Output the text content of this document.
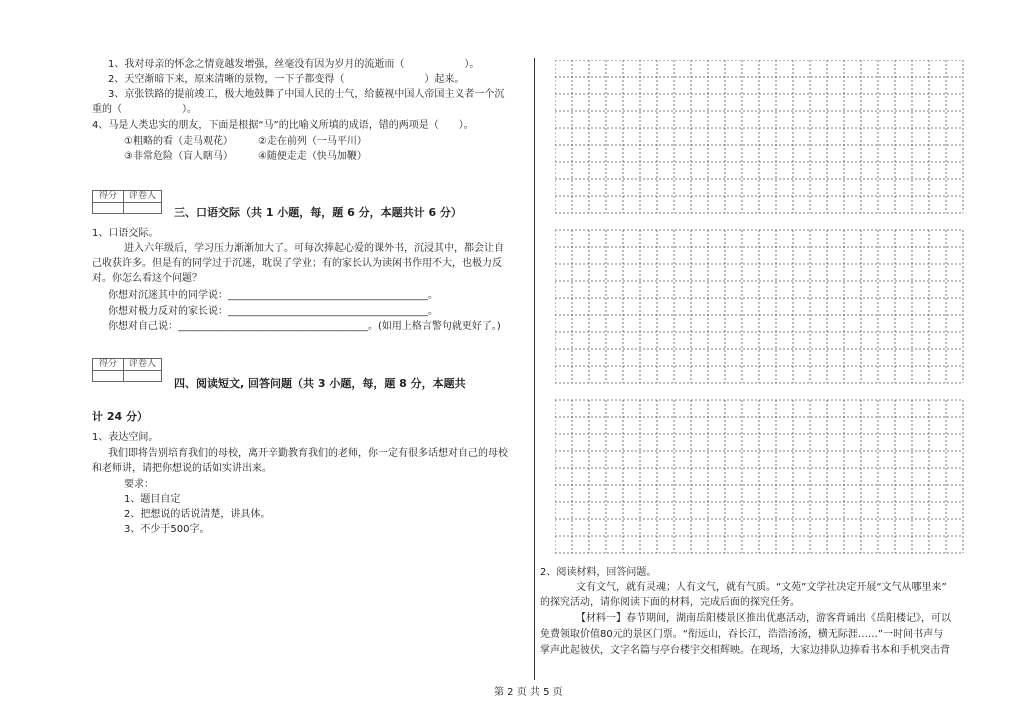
1、我对母亲的怀念之情竟越发增强，丝毫没有因为岁月的流逝而（　　　　　　）。
2、天空渐暗下来，原来清晰的景物，一下子都变得（　　　　　　　　）起来。
3、京张铁路的提前竣工，极大地鼓舞了中国人民的士气，给藐视中国人帝国主义者一个沉
重的（　　　　　　）。
4、马是人类忠实的朋友，下面是根据“马”的比喻义所填的成语，错的两项是（　　）。
①粗略的看（走马观花）　　　②走在前列（一马平川）
③非常危险（盲人瞎马）　　　④随便走走（快马加鞭）
得分	评卷人
三、口语交际（共 1 小题，每，题 6 分，本题共计 6 分）
1、口语交际。
进入六年级后，学习压力渐渐加大了。可每次捧起心爱的课外书，沉浸其中，都会让自
己收获许多。但是有的同学过于沉迷，耽误了学业；有的家长认为读闲书作用不大，也极力反
对。你怎么看这个问题？
你想对沉迷其中的同学说：________________________________________。
你想对极力反对的家长说：________________________________________。
你想对自己说：______________________________________。(如用上格言警句就更好了。)
得分	评卷人
四、阅读短文, 回答问题（共 3 小题，每，题 8 分，本题共
计 24 分）
1、表达空间。
我们即将告别培育我们的母校，离开辛勤教育我们的老师，你一定有很多话想对自己的母校
和老师讲，请把你想说的话如实讲出来。
要求：
1、题目自定
2、把想说的话说清楚，讲具体。
3、不少于500字。
2、阅读材料，回答问题。
文有文气，就有灵魂；人有文气，就有气质。“文苑”文学社决定开展“文气从哪里来”
的探究活动，请你阅读下面的材料，完成后面的探究任务。
【材料一】春节期间，湖南岳阳楼景区推出优惠活动，游客背诵出《岳阳楼记》，可以
免费领取价值80元的景区门票。“衔远山，吞长江，浩浩汤汤，横无际涯……”一时间书声与
掌声此起彼伏，文字名篇与亭台楼宇交相辉映。在现场，大家边排队边捧看书本和手机突击背
第 2 页 共 5 页
